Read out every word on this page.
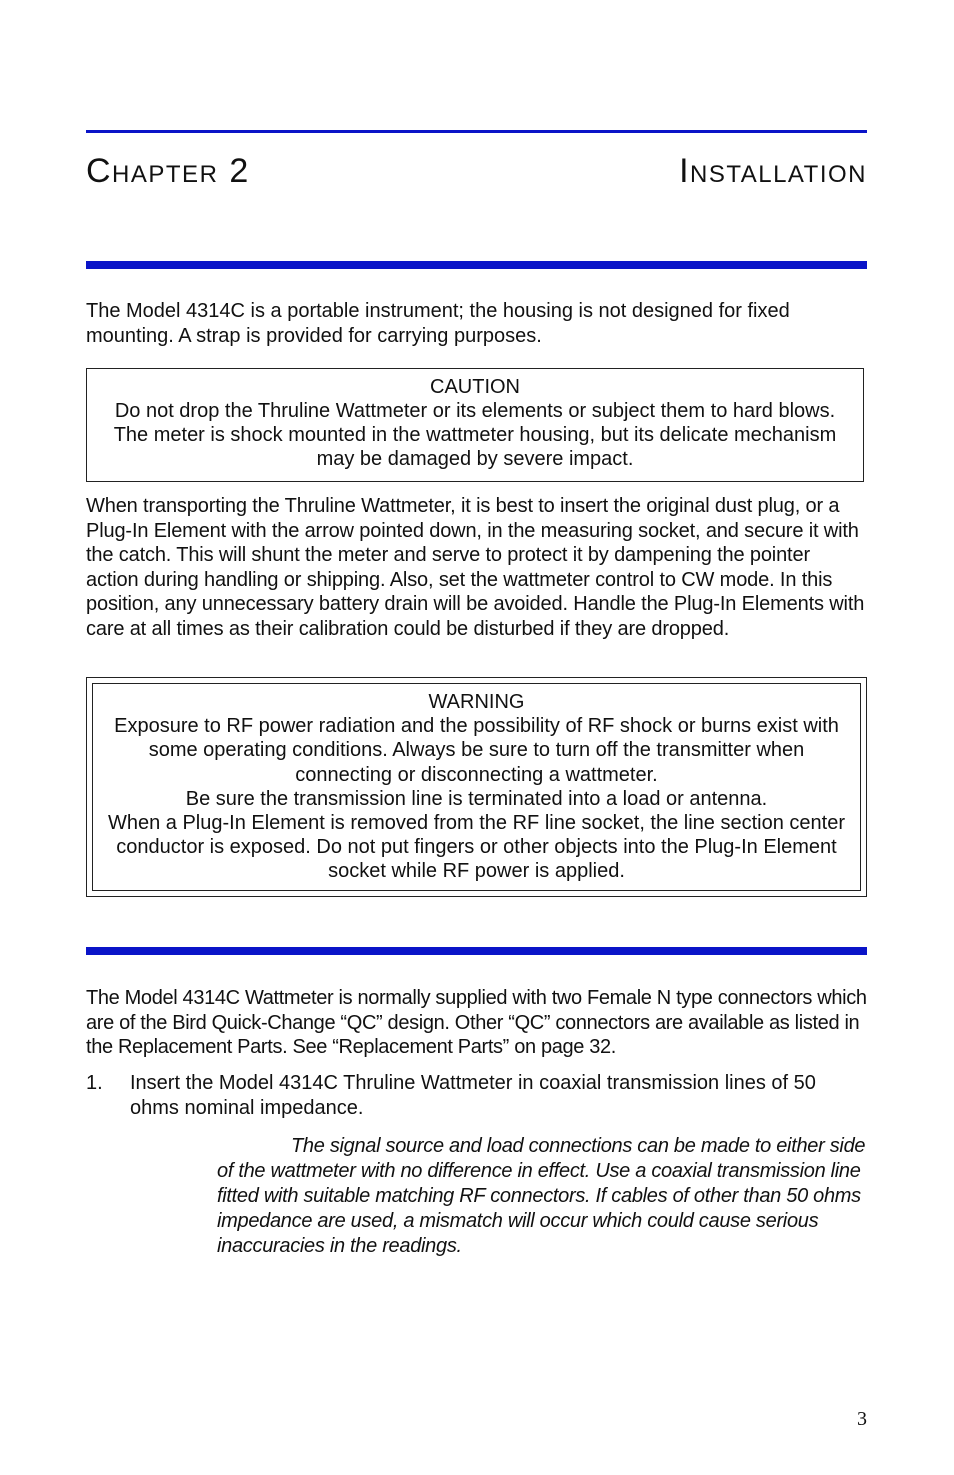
Chapter 2	Installation

The Model 4314C is a portable instrument; the housing is not designed for fixed mounting. A strap is provided for carrying purposes.

CAUTION
Do not drop the Thruline Wattmeter or its elements or subject them to hard blows. The meter is shock mounted in the wattmeter housing, but its delicate mechanism may be damaged by severe impact.

When transporting the Thruline Wattmeter, it is best to insert the original dust plug, or a Plug-In Element with the arrow pointed down, in the measuring socket, and secure it with the catch. This will shunt the meter and serve to protect it by dampening the pointer action during handling or shipping. Also, set the wattmeter control to CW mode. In this position, any unnecessary battery drain will be avoided. Handle the Plug-In Elements with care at all times as their calibration could be disturbed if they are dropped.

WARNING
Exposure to RF power radiation and the possibility of RF shock or burns exist with some operating conditions. Always be sure to turn off the transmitter when connecting or disconnecting a wattmeter.
Be sure the transmission line is terminated into a load or antenna.
When a Plug-In Element is removed from the RF line socket, the line section center conductor is exposed. Do not put fingers or other objects into the Plug-In Element socket while RF power is applied.

The Model 4314C Wattmeter is normally supplied with two Female N type connectors which are of the Bird Quick-Change “QC” design. Other “QC” connectors are available as listed in the Replacement Parts. See “Replacement Parts” on page 32.

1. Insert the Model 4314C Thruline Wattmeter in coaxial transmission lines of 50 ohms nominal impedance.

The signal source and load connections can be made to either side of the wattmeter with no difference in effect. Use a coaxial transmission line fitted with suitable matching RF connectors. If cables of other than 50 ohms impedance are used, a mismatch will occur which could cause serious inaccuracies in the readings.

3
